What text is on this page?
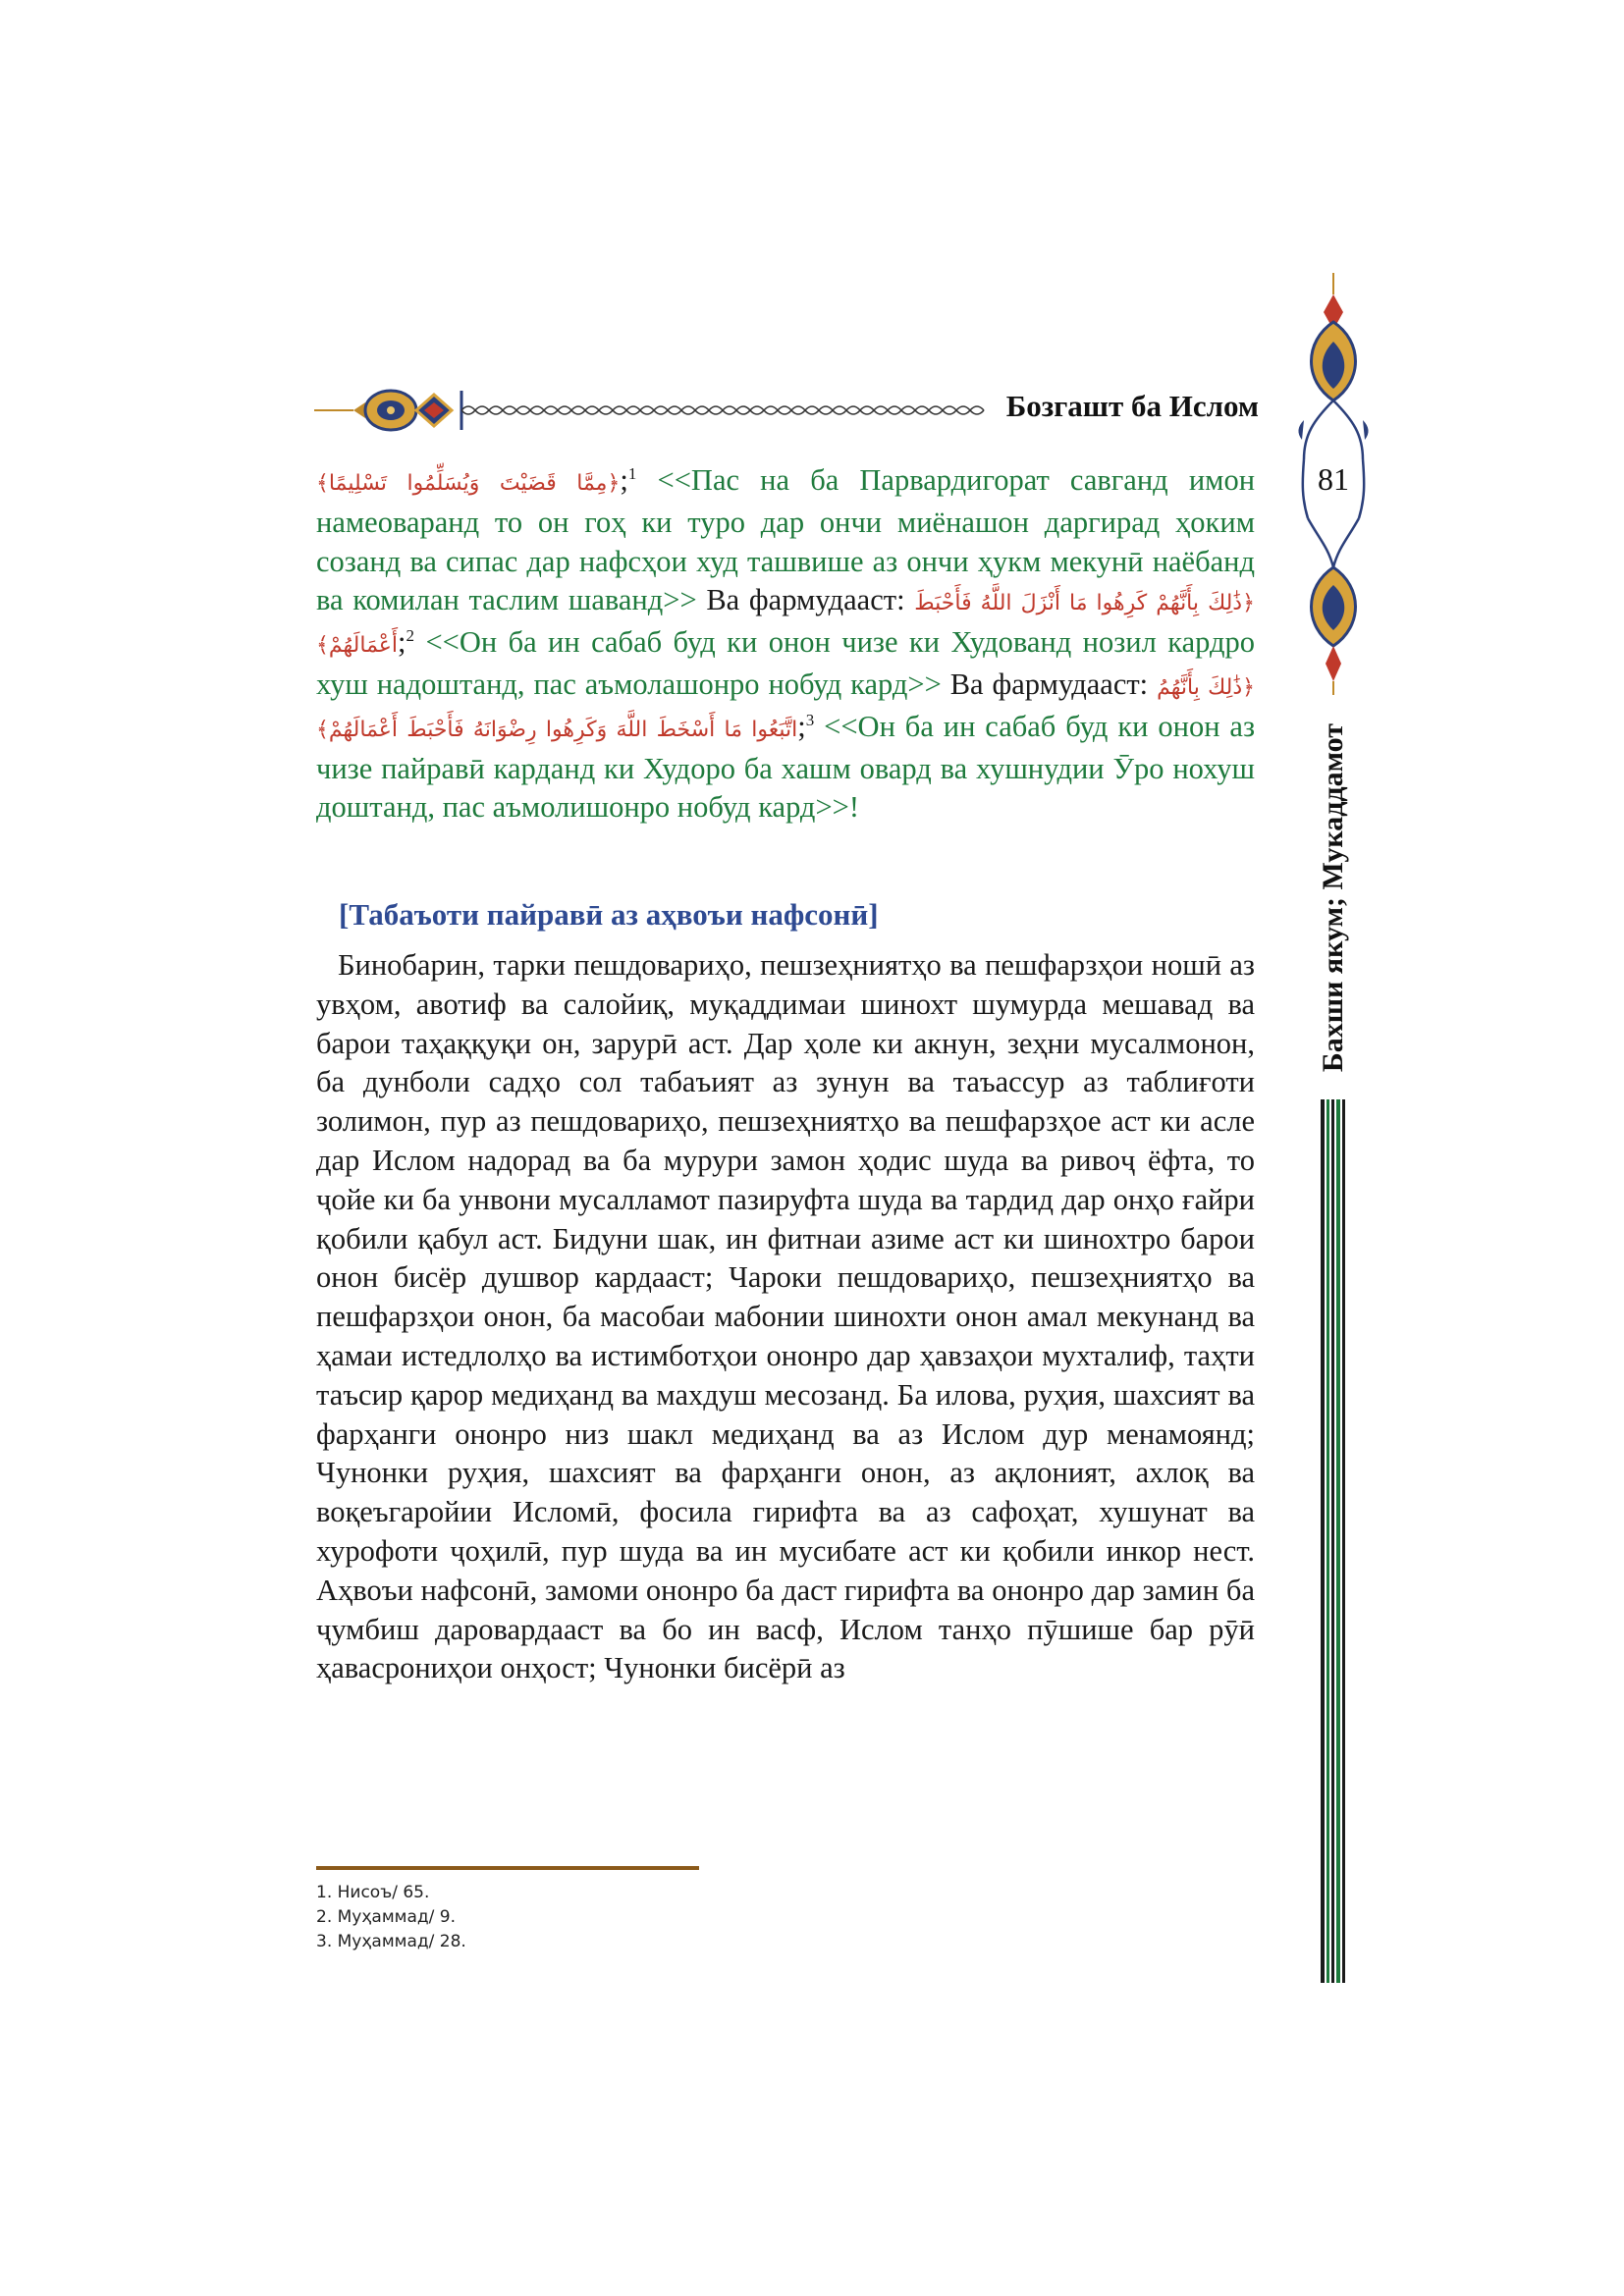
Бозгашт ба Ислом
81
Бахши якум; Мукаддамот
﴿مِمَّا قَضَيْتَ وَيُسَلِّمُوا تَسْلِيمًا﴾;$^1$ <<Пас на ба Парвардигорат савганд имон намеоваранд то он гоҳ ки туро дар ончи миёнашон даргирад ҳоким созанд ва сипас дар нафсҳои худ ташвише аз ончи ҳукм мекунӣ наёбанд ва комилан таслим шаванд>> Ва фармудааст: ﴿ذَٰلِكَ بِأَنَّهُمْ كَرِهُوا مَا أَنْزَلَ اللَّهُ فَأَحْبَطَ أَعْمَالَهُمْ﴾;$^2$ <<Он ба ин сабаб буд ки онон чизе ки Худованд нозил кардро хуш надоштанд, пас аъмолашонро нобуд кард>> Ва фармудааст: ﴿ذَٰلِكَ بِأَنَّهُمُ اتَّبَعُوا مَا أَسْخَطَ اللَّهَ وَكَرِهُوا رِضْوَانَهُ فَأَحْبَطَ أَعْمَالَهُمْ﴾;$^3$ <<Он ба ин сабаб буд ки онон аз чизе пайравӣ карданд ки Худоро ба хашм овард ва хушнудии Ӯро нохуш доштанд, пас аъмолишонро нобуд кард>>!
[Табаъоти пайравӣ аз аҳвоъи нафсонӣ]
Бинобарин, тарки пешдовариҳо, пешзеҳниятҳо ва пешфарзҳои ношӣ аз увҳом, авотиф ва салойиқ, муқаддимаи шинохт шумурда мешавад ва барои таҳаққуқи он, зарурӣ аст. Дар ҳоле ки акнун, зеҳни мусалмонон, ба дунболи садҳо сол табаъият аз зунун ва таъассур аз таблиғоти золимон, пур аз пешдовариҳо, пешзеҳниятҳо ва пешфарзҳое аст ки асле дар Ислом надорад ва ба мурури замон ҳодис шуда ва ривоҷ ёфта, то ҷойе ки ба унвони мусалламот пазируфта шуда ва тардид дар онҳо ғайри қобили қабул аст. Бидуни шак, ин фитнаи азиме аст ки шинохтро барои онон бисёр душвор кардааст; Чароки пешдовариҳо, пешзеҳниятҳо ва пешфарзҳои онон, ба масобаи мабонии шинохти онон амал мекунанд ва ҳамаи истедлолҳо ва истимботҳои ононро дар ҳавзаҳои мухталиф, таҳти таъсир қарор медиҳанд ва махдуш месозанд. Ба илова, руҳия, шахсият ва фарҳанги ононро низ шакл медиҳанд ва аз Ислом дур менамоянд; Чунонки руҳия, шахсият ва фарҳанги онон, аз ақлоният, ахлоқ ва воқеъгаройии Исломӣ, фосила гирифта ва аз сафоҳат, хушунат ва хурофоти ҷоҳилӣ, пур шуда ва ин мусибате аст ки қобили инкор нест. Аҳвоъи нафсонӣ, замоми ононро ба даст гирифта ва ононро дар замин ба ҷумбиш даровардааст ва бо ин васф, Ислом танҳо пӯшише бар рӯӣ ҳавасрониҳои онҳост; Чунонки бисёрӣ аз
1. Нисоъ/ 65.
2. Муҳаммад/ 9.
3. Муҳаммад/ 28.
